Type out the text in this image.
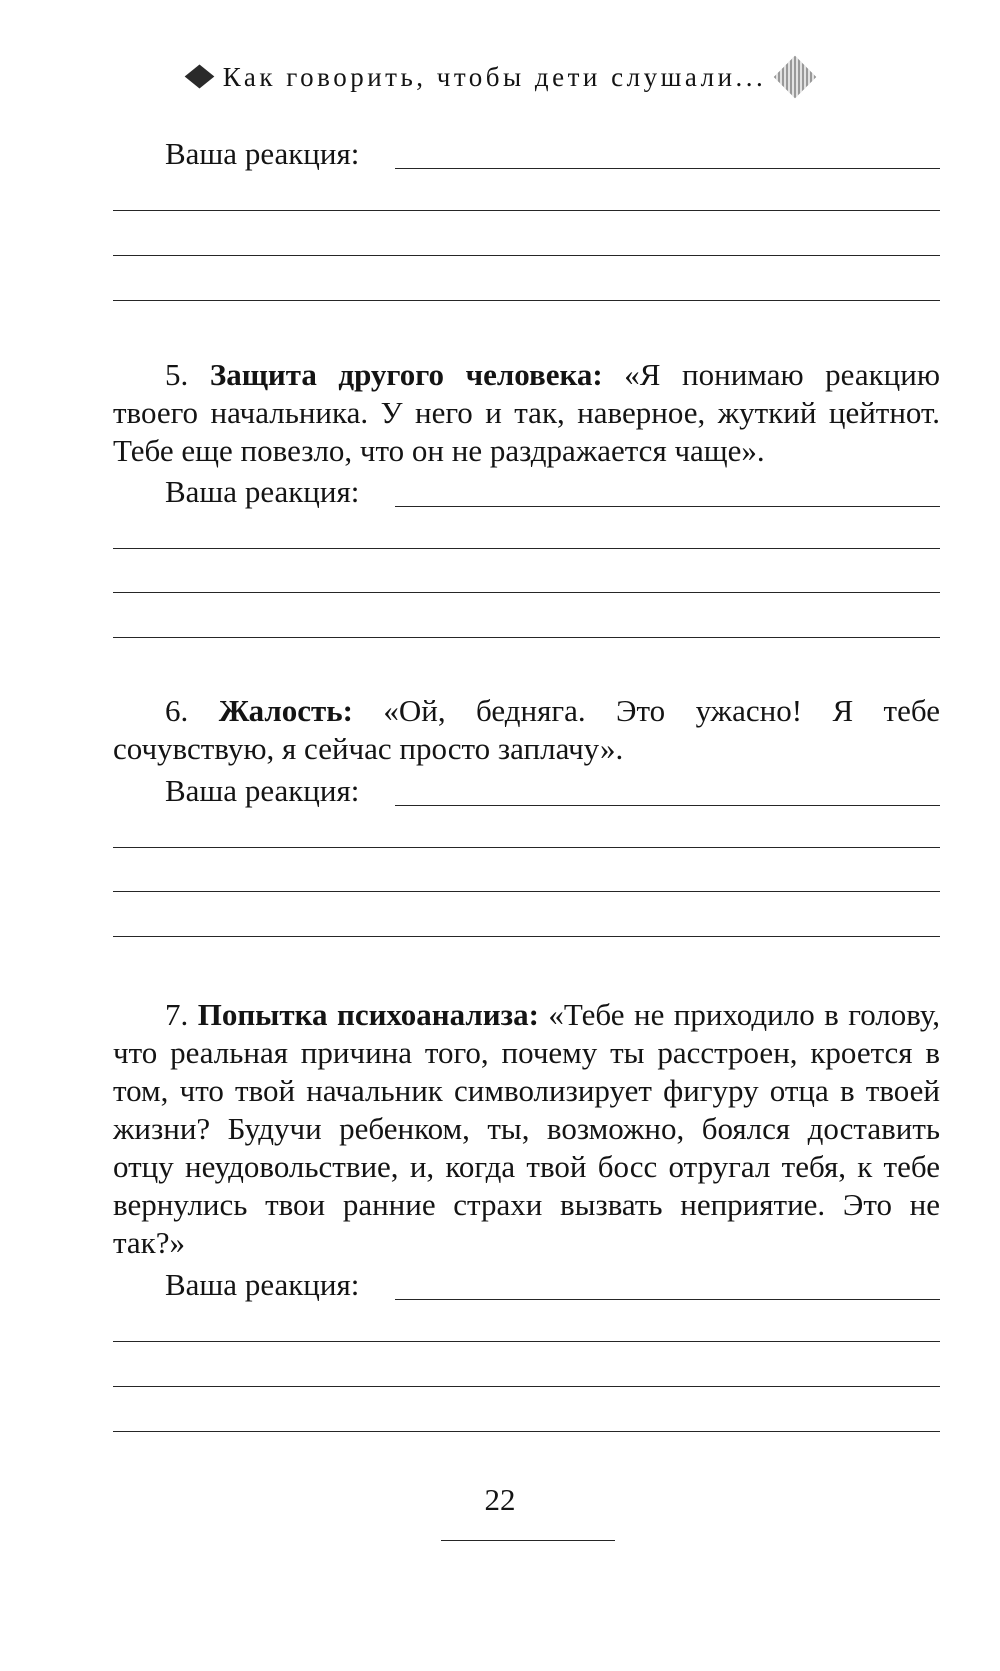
Как говорить, чтобы дети слушали...
Ваша реакция:

5. Защита другого человека: «Я понимаю реакцию твоего начальника. У него и так, наверное, жуткий цейтнот. Тебе еще повезло, что он не раздражается чаще».

Ваша реакция:

6. Жалость: «Ой, бедняга. Это ужасно! Я тебе сочувствую, я сейчас просто заплачу».

Ваша реакция:

7. Попытка психоанализа: «Тебе не приходило в голову, что реальная причина того, почему ты расстроен, кроется в том, что твой начальник символизирует фигуру отца в твоей жизни? Будучи ребенком, ты, возможно, боялся доставить отцу неудовольствие, и, когда твой босс отругал тебя, к тебе вернулись твои ранние страхи вызвать неприятие. Это не так?»

Ваша реакция:
22
